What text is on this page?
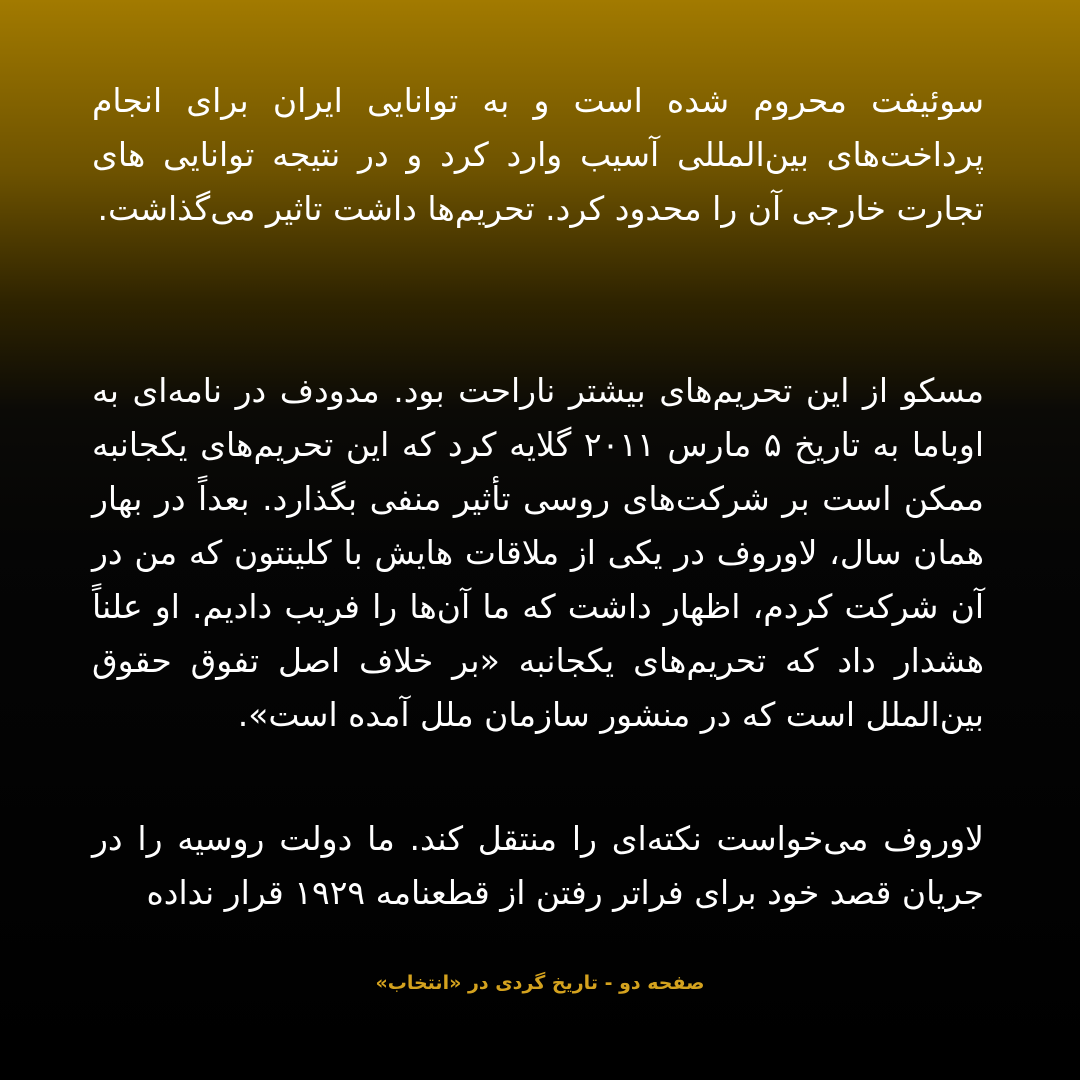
سوئیفت محروم شده است و به توانایی ایران برای انجام پرداخت‌های بین‌المللی آسیب وارد کرد و در نتیجه توانایی های تجارت خارجی آن را محدود کرد. تحریم‌ها داشت تاثیر می‌گذاشت.

مسکو از این تحریم‌های بیشتر ناراحت بود. مدودف در نامه‌ای به اوباما به تاریخ ۵ مارس ۲۰۱۱ گلایه کرد که این تحریم‌های یکجانبه ممکن است بر شرکت‌های روسی تأثیر منفی بگذارد. بعداً در بهار همان سال، لاوروف در یکی از ملاقات هایش با کلینتون که من در آن شرکت کردم، اظهار داشت که ما آن‌ها را فریب دادیم. او علناً هشدار داد که تحریم‌های یکجانبه «بر خلاف اصل تفوق حقوق بین‌الملل است که در منشور سازمان ملل آمده است».

لاوروف می‌خواست نکته‌ای را منتقل کند. ما دولت روسیه را در جریان قصد خود برای فراتر رفتن از قطعنامه ۱۹۲۹ قرار نداده

صفحه دو - تاریخ گردی در «انتخاب»
